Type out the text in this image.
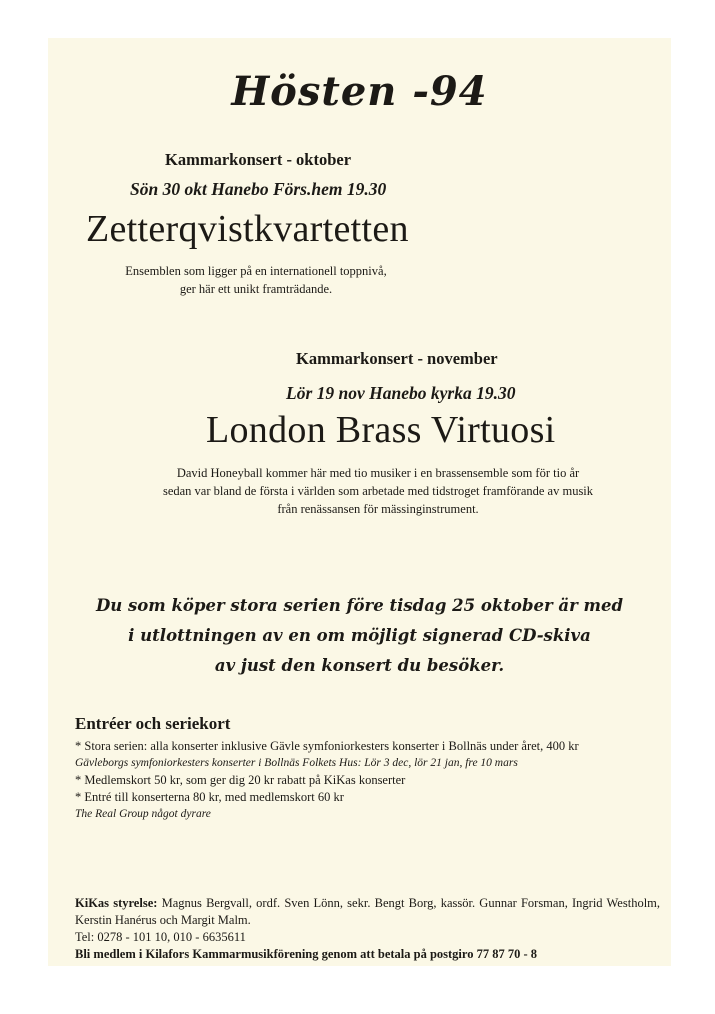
Hösten -94
Kammarkonsert - oktober
Sön 30 okt Hanebo Förs.hem 19.30
Zetterqvistkvartetten
Ensemblen som ligger på en internationell toppnivå,
ger här ett unikt framträdande.
Kammarkonsert - november
Lör 19 nov Hanebo kyrka 19.30
London Brass Virtuosi
David Honeyball kommer här med tio musiker i en brassensemble som för tio år
sedan var bland de första i världen som arbetade med tidstroget framförande av musik
från renässansen för mässinginstrument.
Du som köper stora serien före tisdag 25 oktober är med
i utlottningen av en om möjligt signerad CD-skiva
av just den konsert du besöker.
Entréer och seriekort
* Stora serien: alla konserter inklusive Gävle symfoniorkesters konserter i Bollnäs under året, 400 kr
Gävleborgs symfoniorkesters konserter i Bollnäs Folkets Hus: Lör 3 dec, lör 21 jan, fre 10 mars
* Medlemskort 50 kr, som ger dig 20 kr rabatt på KiKas konserter
* Entré till konserterna 80 kr, med medlemskort 60 kr
The Real Group något dyrare
KiKas styrelse: Magnus Bergvall, ordf. Sven Lönn, sekr. Bengt Borg, kassör. Gunnar Forsman, Ingrid Westholm, Kerstin Hanérus och Margit Malm.
Tel: 0278 - 101 10, 010 - 6635611
Bli medlem i Kilafors Kammarmusikförening genom att betala på postgiro 77 87 70 - 8
